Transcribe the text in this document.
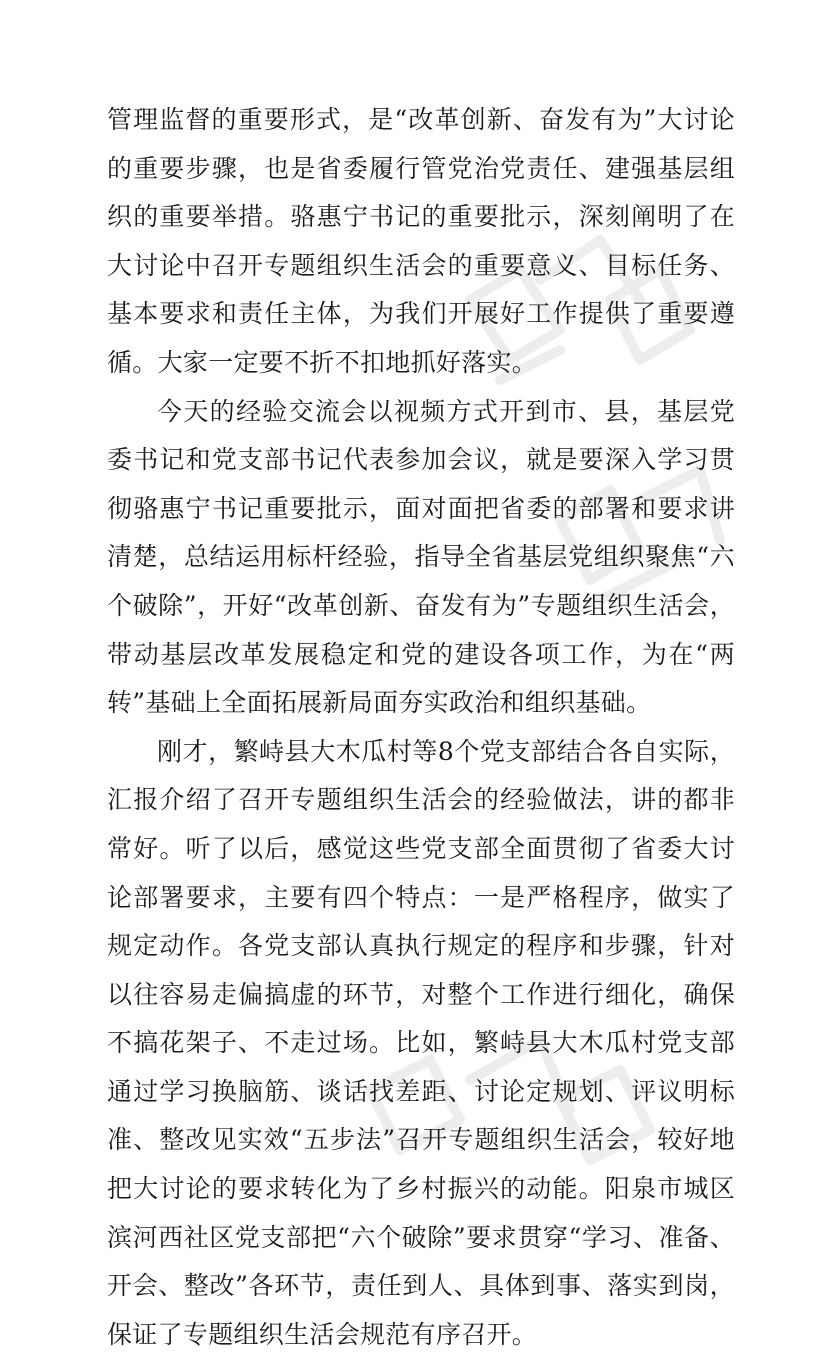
管理监督的重要形式，是“改革创新、奋发有为”大讨论的重要步骤，也是省委履行管党治党责任、建强基层组织的重要举措。骆惠宁书记的重要批示，深刻阐明了在大讨论中召开专题组织生活会的重要意义、目标任务、基本要求和责任主体，为我们开展好工作提供了重要遵循。大家一定要不折不扣地抓好落实。

今天的经验交流会以视频方式开到市、县，基层党委书记和党支部书记代表参加会议，就是要深入学习贯彻骆惠宁书记重要批示，面对面把省委的部署和要求讲清楚，总结运用标杆经验，指导全省基层党组织聚焦“六个破除”，开好“改革创新、奋发有为”专题组织生活会，带动基层改革发展稳定和党的建设各项工作，为在“两转”基础上全面拓展新局面夯实政治和组织基础。

刚才，繁峙县大木瓜村等8个党支部结合各自实际，汇报介绍了召开专题组织生活会的经验做法，讲的都非常好。听了以后，感觉这些党支部全面贯彻了省委大讨论部署要求，主要有四个特点：一是严格程序，做实了规定动作。各党支部认真执行规定的程序和步骤，针对以往容易走偏搞虚的环节，对整个工作进行细化，确保不搞花架子、不走过场。比如，繁峙县大木瓜村党支部通过学习换脑筋、谈话找差距、讨论定规划、评议明标准、整改见实效“五步法”召开专题组织生活会，较好地把大讨论的要求转化为了乡村振兴的动能。阳泉市城区滨河西社区党支部把“六个破除”要求贯穿“学习、准备、开会、整改”各环节，责任到人、具体到事、落实到岗，保证了专题组织生活会规范有序召开。
